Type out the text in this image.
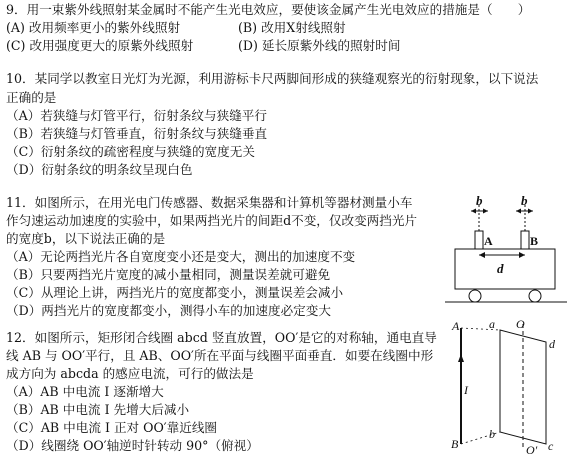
9．用一束紫外线照射某金属时不能产生光电效应，要使该金属产生光电效应的措施是（　　）
(A) 改用频率更小的紫外线照射	(B) 改用X射线照射
(C) 改用强度更大的原紫外线照射	(D) 延长原紫外线的照射时间
10．某同学以教室日光灯为光源，利用游标卡尺两脚间形成的狭缝观察光的衍射现象，以下说法
正确的是
（A）若狭缝与灯管平行，衍射条纹与狭缝平行
（B）若狭缝与灯管垂直，衍射条纹与狭缝垂直
（C）衍射条纹的疏密程度与狭缝的宽度无关
（D）衍射条纹的明条纹呈现白色
11．如图所示，在用光电门传感器、数据采集器和计算机等器材测量小车
作匀速运动加速度的实验中，如果两挡光片的间距d不变，仅改变两挡光片
的宽度b，以下说法正确的是
（A）无论两挡光片各自宽度变小还是变大，测出的加速度不变
（B）只要两挡光片宽度的减小量相同，测量误差就可避免
（C）从理论上讲，两挡光片的宽度都变小，测量误差会减小
（D）两挡光片的宽度都变小，测得小车的加速度必定变大
b	b
d
A	B
12．如图所示，矩形闭合线圈 abcd 竖直放置，OO′是它的对称轴，通电直导
线 AB 与 OO′平行，且 AB、OO′所在平面与线圈平面垂直．如要在线圈中形
成方向为 abcda 的感应电流，可行的做法是
（A）AB 中电流 I 逐渐增大
（B）AB 中电流 I 先增大后减小
（C）AB 中电流 I 正对 OO′靠近线圈
（D）线圈绕 OO′轴逆时针转动 90°（俯视）
A
B
I
a
b
c
d
O
O′
